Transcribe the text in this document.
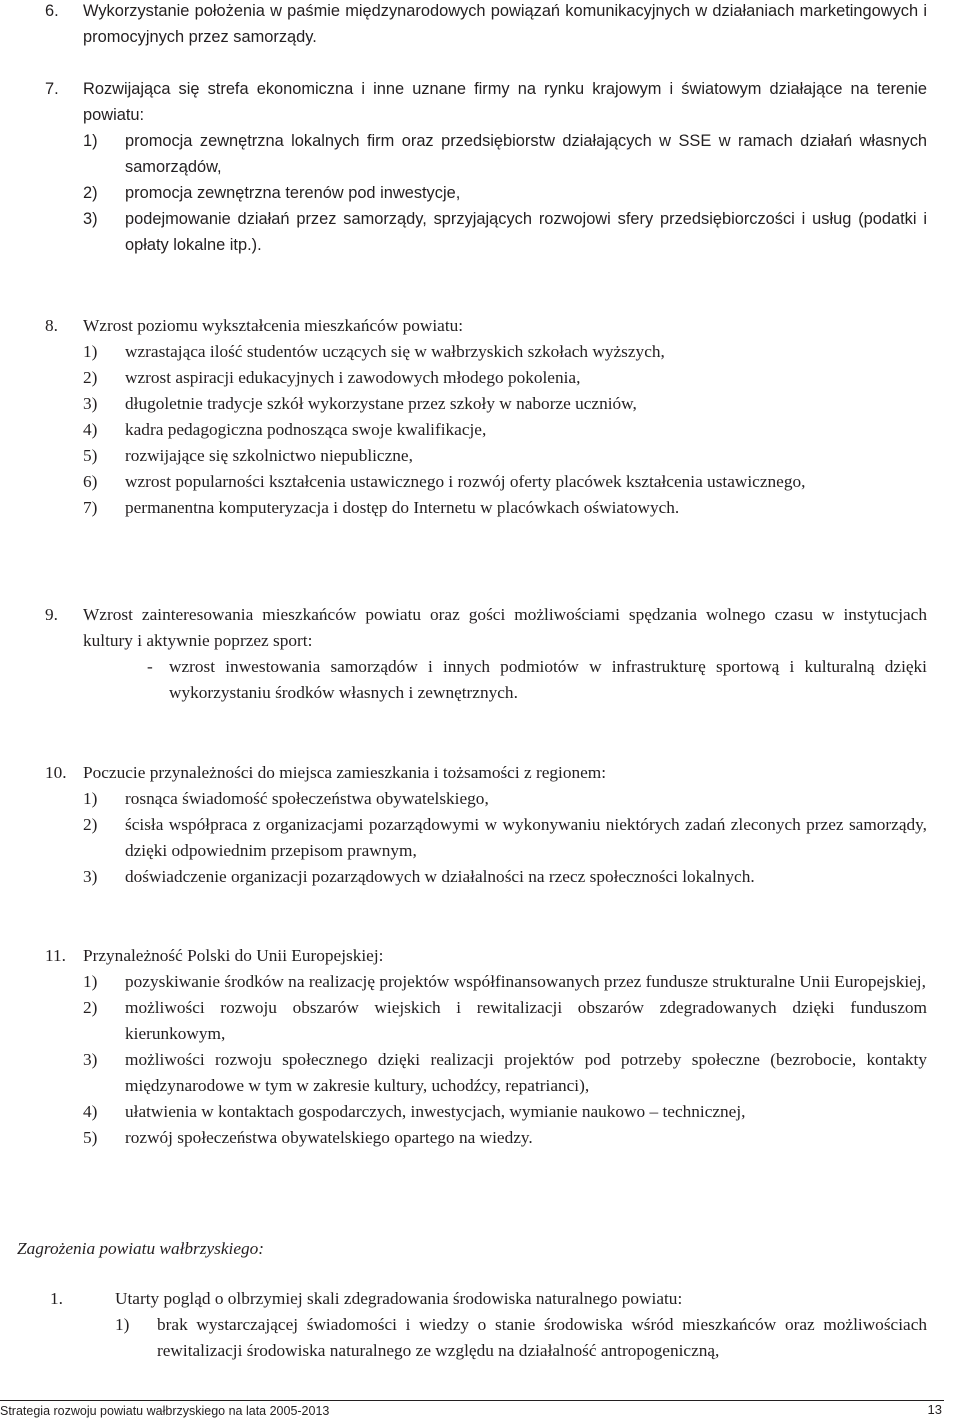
6. Wykorzystanie położenia w paśmie międzynarodowych powiązań komunikacyjnych w działaniach marketingowych i promocyjnych przez samorządy.
7. Rozwijająca się strefa ekonomiczna i inne uznane firmy na rynku krajowym i światowym działające na terenie powiatu:
1) promocja zewnętrzna lokalnych firm oraz przedsiębiorstw działających w SSE w ramach działań własnych samorządów,
2) promocja zewnętrzna terenów pod inwestycje,
3) podejmowanie działań przez samorządy, sprzyjających rozwojowi sfery przedsiębiorczości i usług (podatki i opłaty lokalne itp.).
8. Wzrost poziomu wykształcenia mieszkańców powiatu:
1) wzrastająca ilość studentów uczących się w wałbrzyskich szkołach wyższych,
2) wzrost aspiracji edukacyjnych i zawodowych młodego pokolenia,
3) długoletnie tradycje szkół wykorzystane przez szkoły w naborze uczniów,
4) kadra pedagogiczna podnosząca swoje kwalifikacje,
5) rozwijające się szkolnictwo niepubliczne,
6) wzrost popularności kształcenia ustawicznego i rozwój oferty placówek kształcenia ustawicznego,
7) permanentna komputeryzacja i dostęp do Internetu w placówkach oświatowych.
9. Wzrost zainteresowania mieszkańców powiatu oraz gości możliwościami spędzania wolnego czasu w instytucjach kultury i aktywnie poprzez sport:
- wzrost inwestowania samorządów i innych podmiotów w infrastrukturę sportową i kulturalną dzięki wykorzystaniu środków własnych i zewnętrznych.
10. Poczucie przynależności do miejsca zamieszkania i tożsamości z regionem:
1) rosnąca świadomość społeczeństwa obywatelskiego,
2) ścisła współpraca z organizacjami pozarządowymi w wykonywaniu niektórych zadań zleconych przez samorządy, dzięki odpowiednim przepisom prawnym,
3) doświadczenie organizacji pozarządowych w działalności na rzecz społeczności lokalnych.
11. Przynależność Polski do Unii Europejskiej:
1) pozyskiwanie środków na realizację projektów współfinansowanych przez fundusze strukturalne Unii Europejskiej,
2) możliwości rozwoju obszarów wiejskich i rewitalizacji obszarów zdegradowanych dzięki funduszom kierunkowym,
3) możliwości rozwoju społecznego dzięki realizacji projektów pod potrzeby społeczne (bezrobocie, kontakty międzynarodowe w tym w zakresie kultury, uchodźcy, repatrianci),
4) ułatwienia w kontaktach gospodarczych, inwestycjach, wymianie naukowo – technicznej,
5) rozwój społeczeństwa obywatelskiego opartego na wiedzy.
Zagrożenia powiatu wałbrzyskiego:
1.	Utarty pogląd o olbrzymiej skali zdegradowania środowiska naturalnego powiatu:
1) brak wystarczającej świadomości i wiedzy o stanie środowiska wśród mieszkańców oraz możliwościach rewitalizacji środowiska naturalnego ze względu na działalność antropogeniczną,
Strategia rozwoju powiatu wałbrzyskiego na lata 2005-2013	13
